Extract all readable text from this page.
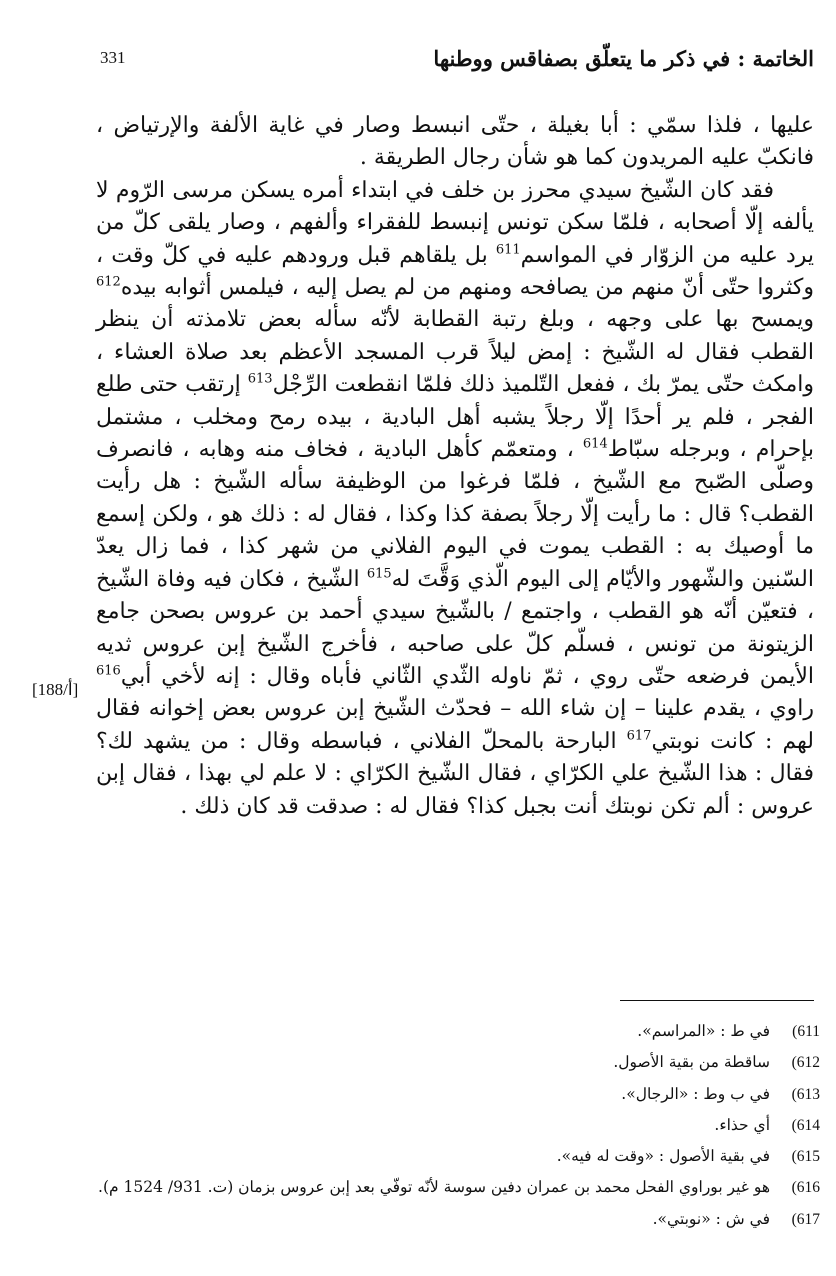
331	الخاتمة : في ذكر ما يتعلّق بصفاقس ووطنها

عليها ، فلذا سمّي : أبا بغيلة ، حتّى انبسط وصار في غاية الألفة والإرتياض ، فانكبّ عليه المريدون كما هو شأن رجال الطريقة .

فقد كان الشّيخ سيدي محرز بن خلف في ابتداء أمره يسكن مرسى الرّوم لا يألفه إلّا أصحابه ، فلمّا سكن تونس إنبسط للفقراء وألفهم ، وصار يلقى كلّ من يرد عليه من الزوّار في المواسم$^{611}$ بل يلقاهم قبل ورودهم عليه في كلّ وقت ، وكثروا حتّى أنّ منهم من يصافحه ومنهم من لم يصل إليه ، فيلمس أثوابه بيده$^{612}$ ويمسح بها على وجهه ، وبلغ رتبة القطابة لأنّه سأله بعض تلامذته أن ينظر القطب فقال له الشّيخ : إمض ليلاً قرب المسجد الأعظم بعد صلاة العشاء ، وامكث حتّى يمرّ بك ، ففعل التّلميذ ذلك فلمّا انقطعت الرِّجْل$^{613}$ إرتقب حتى طلع الفجر ، فلم ير أحدًا إلّا رجلاً يشبه أهل البادية ، بيده رمح ومخلب ، مشتمل بإحرام ، وبرجله سبّاط$^{614}$ ، ومتعمّم كأهل البادية ، فخاف منه وهابه ، فانصرف وصلّى الصّبح مع الشّيخ ، فلمّا فرغوا من الوظيفة سأله الشّيخ : هل رأيت القطب؟ قال : ما رأيت إلّا رجلاً بصفة كذا وكذا ، فقال له : ذلك هو ، ولكن إسمع ما أوصيك به : القطب يموت في اليوم الفلاني من شهر كذا ، فما زال يعدّ السّنين والشّهور والأيّام إلى اليوم الّذي وَقَّتَ له$^{615}$ الشّيخ ، فكان فيه وفاة الشّيخ ، فتعيّن أنّه هو القطب ، واجتمع / بالشّيخ سيدي أحمد بن عروس بصحن جامع الزيتونة من تونس ، فسلّم كلّ على صاحبه ، فأخرج الشّيخ إبن عروس ثديه الأيمن فرضعه حتّى روي ، ثمّ ناوله الثّدي الثّاني فأباه وقال : إنه لأخي أبي$^{616}$ راوي ، يقدم علينا – إن شاء الله – فحدّث الشّيخ إبن عروس بعض إخوانه فقال لهم : كانت نوبتي$^{617}$ البارحة بالمحلّ الفلاني ، فباسطه وقال : من يشهد لك؟ فقال : هذا الشّيخ علي الكرّاي ، فقال الشّيخ الكرّاي : لا علم لي بهذا ، فقال إبن عروس : ألم تكن نوبتك أنت بجبل كذا؟ فقال له : صدقت قد كان ذلك .

[188/أ]
611)
في ط : «المراسم».
612)
ساقطة من بقية الأصول.
613)
في ب وط : «الرجال».
614)
أي حذاء.
615)
في بقية الأصول : «وقت له فيه».
616)
هو غير بوراوي الفحل محمد بن عمران دفين سوسة لأنّه توفّي بعد إبن عروس بزمان (ت. 931/ 1524 م).
617)
في ش : «نوبتي».
